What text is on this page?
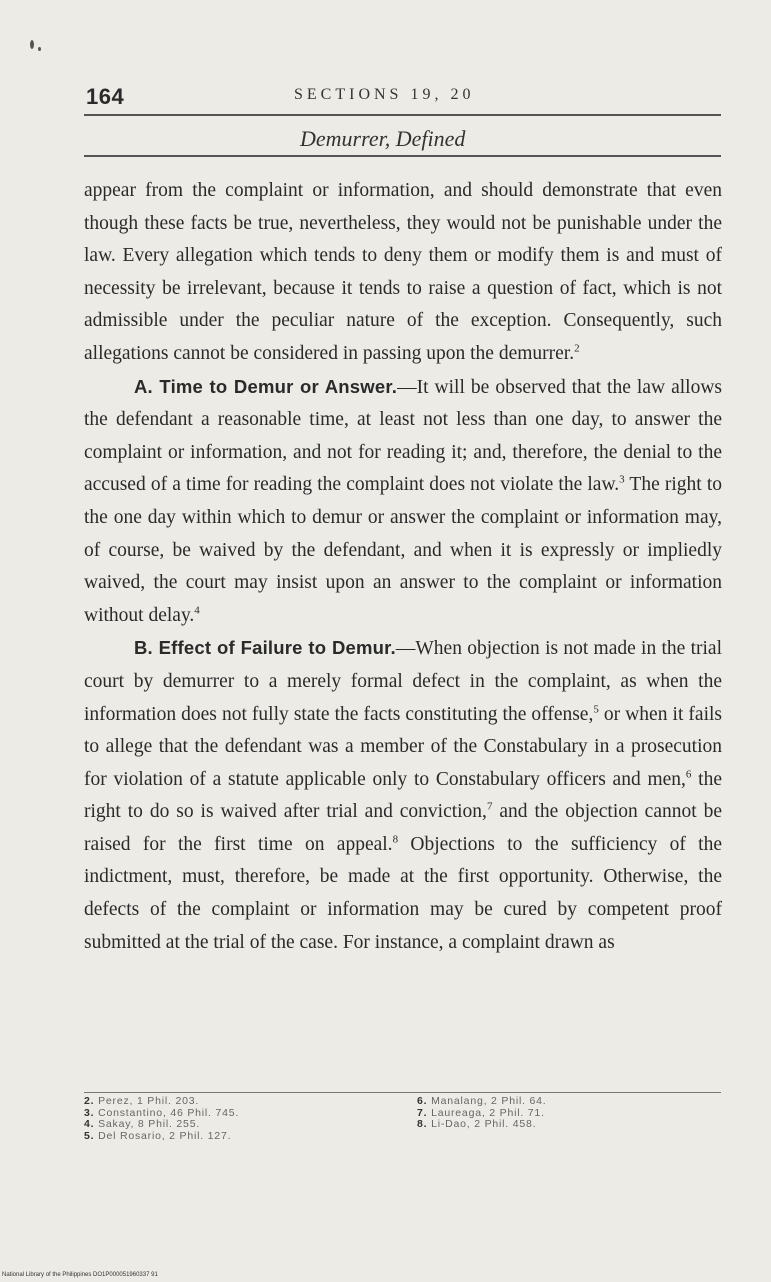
164	SECTIONS 19, 20
Demurrer, Defined

appear from the complaint or information, and should demonstrate that even though these facts be true, nevertheless, they would not be punishable under the law. Every allegation which tends to deny them or modify them is and must of necessity be irrelevant, because it tends to raise a question of fact, which is not admissible under the peculiar nature of the exception. Consequently, such allegations cannot be considered in passing upon the demurrer.$^2$

A. Time to Demur or Answer.—It will be observed that the law allows the defendant a reasonable time, at least not less than one day, to answer the complaint or information, and not for reading it; and, therefore, the denial to the accused of a time for reading the complaint does not violate the law.$^3$ The right to the one day within which to demur or answer the complaint or information may, of course, be waived by the defendant, and when it is expressly or impliedly waived, the court may insist upon an answer to the complaint or information without delay.$^4$

B. Effect of Failure to Demur.—When objection is not made in the trial court by demurrer to a merely formal defect in the complaint, as when the information does not fully state the facts constituting the offense,$^5$ or when it fails to allege that the defendant was a member of the Constabulary in a prosecution for violation of a statute applicable only to Constabulary officers and men,$^6$ the right to do so is waived after trial and conviction,$^7$ and the objection cannot be raised for the first time on appeal.$^8$ Objections to the sufficiency of the indictment, must, therefore, be made at the first opportunity. Otherwise, the defects of the complaint or information may be cured by competent proof submitted at the trial of the case. For instance, a complaint drawn as

2. Perez, 1 Phil. 203.
3. Constantino, 46 Phil. 745.
4. Sakay, 8 Phil. 255.
5. Del Rosario, 2 Phil. 127.
6. Manalang, 2 Phil. 64.
7. Laureaga, 2 Phil. 71.
8. Li-Dao, 2 Phil. 458.
National Library of the Philippines DO1P000051960337 91
